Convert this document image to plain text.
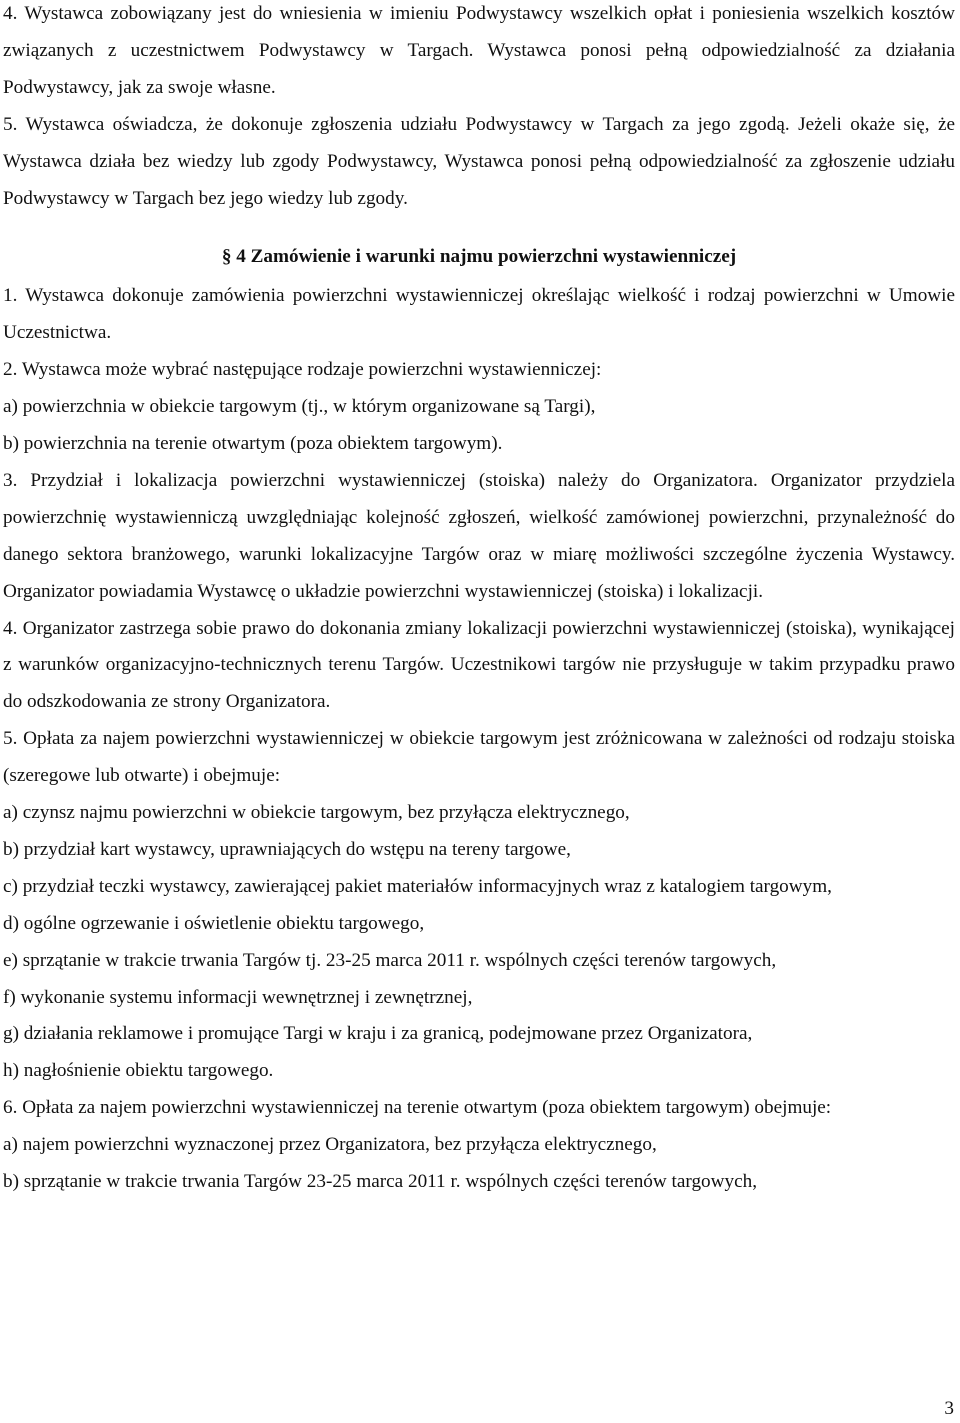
4. Wystawca zobowiązany jest do wniesienia w imieniu Podwystawcy wszelkich opłat i poniesienia wszelkich kosztów związanych z uczestnictwem Podwystawcy w Targach. Wystawca ponosi pełną odpowiedzialność za działania Podwystawcy, jak za swoje własne.

5. Wystawca oświadcza, że dokonuje zgłoszenia udziału Podwystawcy w Targach za jego zgodą. Jeżeli okaże się, że Wystawca działa bez wiedzy lub zgody Podwystawcy, Wystawca ponosi pełną odpowiedzialność za zgłoszenie udziału Podwystawcy w Targach bez jego wiedzy lub zgody.

§ 4 Zamówienie i warunki najmu powierzchni wystawienniczej

1. Wystawca dokonuje zamówienia powierzchni wystawienniczej określając wielkość i rodzaj powierzchni w Umowie Uczestnictwa.

2. Wystawca może wybrać następujące rodzaje powierzchni wystawienniczej:

a) powierzchnia w obiekcie targowym (tj., w którym organizowane są Targi),

b) powierzchnia na terenie otwartym (poza obiektem targowym).

3. Przydział i lokalizacja powierzchni wystawienniczej (stoiska) należy do Organizatora. Organizator przydziela powierzchnię wystawienniczą uwzględniając kolejność zgłoszeń, wielkość zamówionej powierzchni, przynależność do danego sektora branżowego, warunki lokalizacyjne Targów oraz w miarę możliwości szczególne życzenia Wystawcy. Organizator powiadamia Wystawcę o układzie powierzchni wystawienniczej (stoiska) i lokalizacji.

4. Organizator zastrzega sobie prawo do dokonania zmiany lokalizacji powierzchni wystawienniczej (stoiska), wynikającej z warunków organizacyjno-technicznych terenu Targów. Uczestnikowi targów nie przysługuje w takim przypadku prawo do odszkodowania ze strony Organizatora.

5. Opłata za najem powierzchni wystawienniczej w obiekcie targowym jest zróżnicowana w zależności od rodzaju stoiska (szeregowe lub otwarte) i obejmuje:

a) czynsz najmu powierzchni w obiekcie targowym, bez przyłącza elektrycznego,

b) przydział kart wystawcy, uprawniających do wstępu na tereny targowe,

c) przydział teczki wystawcy, zawierającej pakiet materiałów informacyjnych wraz z katalogiem targowym,

d) ogólne ogrzewanie i oświetlenie obiektu targowego,

e) sprzątanie w trakcie trwania Targów tj. 23-25 marca 2011 r. wspólnych części terenów targowych,

f) wykonanie systemu informacji wewnętrznej i zewnętrznej,

g) działania reklamowe i promujące Targi w kraju i za granicą, podejmowane przez Organizatora,

h) nagłośnienie obiektu targowego.

6. Opłata za najem powierzchni wystawienniczej na terenie otwartym (poza obiektem targowym) obejmuje:

a) najem powierzchni wyznaczonej przez Organizatora, bez przyłącza elektrycznego,

b) sprzątanie w trakcie trwania Targów 23-25 marca 2011 r. wspólnych części terenów targowych,

3
